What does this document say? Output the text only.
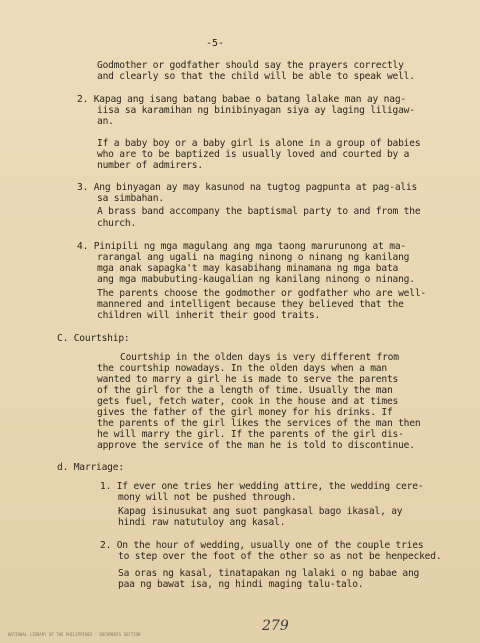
-5-
Godmother or godfather should say the prayers correctly
and clearly so that the child will be able to speak well.
2. Kapag ang isang batang babae o batang lalake man ay nag-
iisa sa karamihan ng binibinyagan siya ay laging liligaw-
an.
If a baby boy or a baby girl is alone in a group of babies
who are to be baptized is usually loved and courted by a
number of admirers.
3. Ang binyagan ay may kasunod na tugtog pagpunta at pag-alis
sa simbahan.
A brass band accompany the baptismal party to and from the
church.
4. Pinipili ng mga magulang ang mga taong marurunong at ma-
rarangal ang ugali na maging ninong o ninang ng kanilang
mga anak sapagka't may kasabihang minamana ng mga bata
ang mga mabubuting-kaugalian ng kanilang ninong o ninang.
The parents choose the godmother or godfather who are well-
mannered and intelligent because they believed that the
children will inherit their good traits.
C. Courtship:
Courtship in the olden days is very different from
the courtship nowadays. In the olden days when a man
wanted to marry a girl he is made to serve the parents
of the girl for the a length of time. Usually the man
gets fuel, fetch water, cook in the house and at times
gives the father of the girl money for his drinks. If
the parents of the girl likes the services of the man then
he will marry the girl. If the parents of the girl dis-
approve the service of the man he is told to discontinue.
d. Marriage:
1. If ever one tries her wedding attire, the wedding cere-
mony will not be pushed through.
Kapag isinusukat ang suot pangkasal bago ikasal, ay
hindi raw natutuloy ang kasal.
2. On the hour of wedding, usually one of the couple tries
to step over the foot of the other so as not be henpecked.
Sa oras ng kasal, tinatapakan ng lalaki o ng babae ang
paa ng bawat isa, ng hindi maging talu-talo.
279
NATIONAL LIBRARY OF THE PHILIPPINES · DOCUMENTS SECTION
